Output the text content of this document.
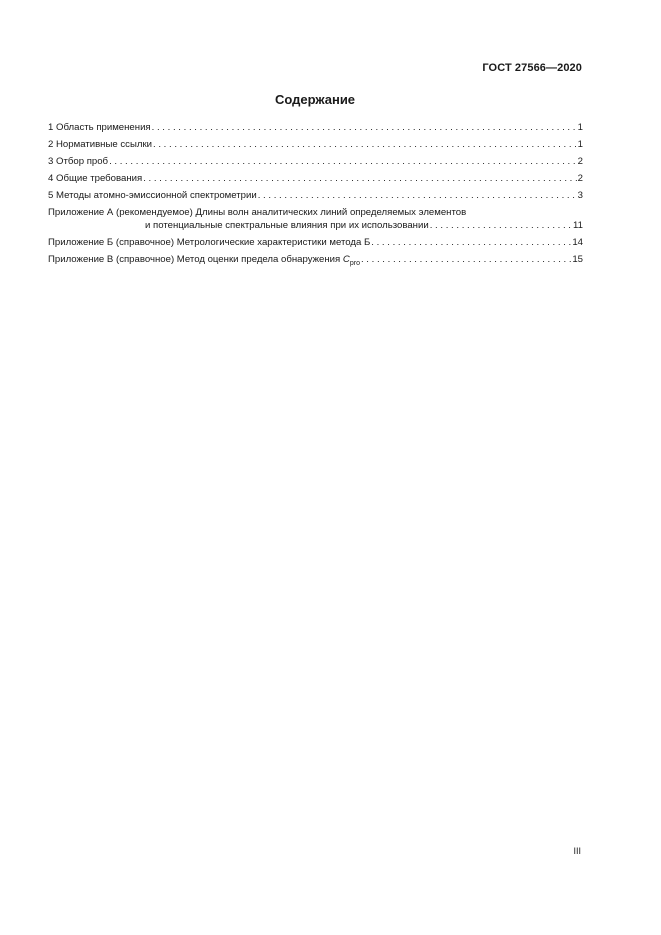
ГОСТ 27566—2020
Содержание
1 Область применения . . .	1
2 Нормативные ссылки . . .	1
3 Отбор проб . . .	2
4 Общие требования . . .	2
5 Методы атомно-эмиссионной спектрометрии . . .	3
Приложение А (рекомендуемое) Длины волн аналитических линий определяемых элементов
и потенциальные спектральные влияния при их использовании . . .	11
Приложение Б (справочное) Метрологические характеристики метода Б . . .	14
Приложение В (справочное) Метод оценки предела обнаружения $C_{pro}$ . . .	15
III
